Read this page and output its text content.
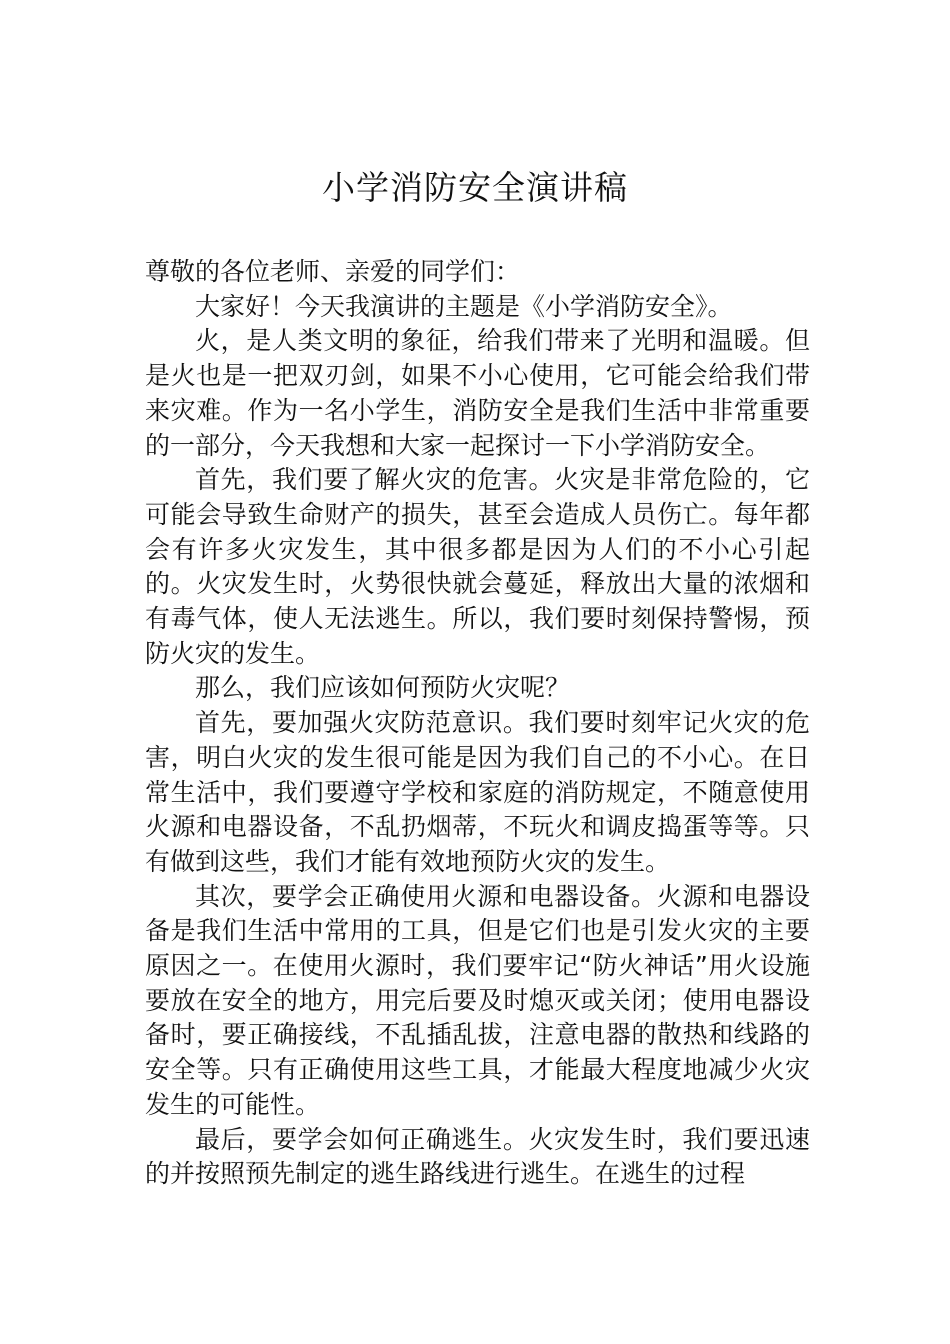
小学消防安全演讲稿

尊敬的各位老师、亲爱的同学们：

大家好！今天我演讲的主题是《小学消防安全》。

火，是人类文明的象征，给我们带来了光明和温暖。但是火也是一把双刃剑，如果不小心使用，它可能会给我们带来灾难。作为一名小学生，消防安全是我们生活中非常重要的一部分，今天我想和大家一起探讨一下小学消防安全。

首先，我们要了解火灾的危害。火灾是非常危险的，它可能会导致生命财产的损失，甚至会造成人员伤亡。每年都会有许多火灾发生，其中很多都是因为人们的不小心引起的。火灾发生时，火势很快就会蔓延，释放出大量的浓烟和有毒气体，使人无法逃生。所以，我们要时刻保持警惕，预防火灾的发生。

那么，我们应该如何预防火灾呢？

首先，要加强火灾防范意识。我们要时刻牢记火灾的危害，明白火灾的发生很可能是因为我们自己的不小心。在日常生活中，我们要遵守学校和家庭的消防规定，不随意使用火源和电器设备，不乱扔烟蒂，不玩火和调皮捣蛋等等。只有做到这些，我们才能有效地预防火灾的发生。

其次，要学会正确使用火源和电器设备。火源和电器设备是我们生活中常用的工具，但是它们也是引发火灾的主要原因之一。在使用火源时，我们要牢记“防火神话”用火设施要放在安全的地方，用完后要及时熄灭或关闭；使用电器设备时，要正确接线，不乱插乱拔，注意电器的散热和线路的安全等。只有正确使用这些工具，才能最大程度地减少火灾发生的可能性。

最后，要学会如何正确逃生。火灾发生时，我们要迅速的并按照预先制定的逃生路线进行逃生。在逃生的过程
